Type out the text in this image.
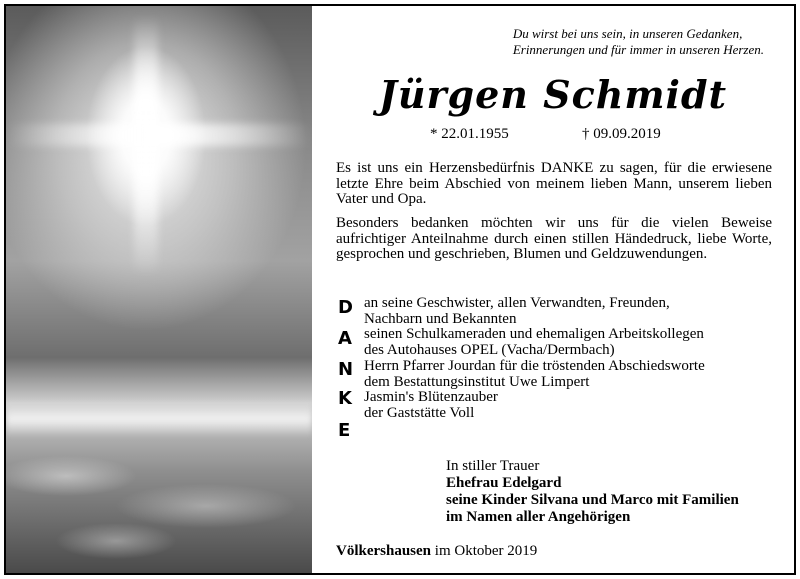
Du wirst bei uns sein, in unseren Gedanken,
Erinnerungen und für immer in unseren Herzen.
Jürgen Schmidt
* 22.01.1955	† 09.09.2019
Es ist uns ein Herzensbedürfnis DANKE zu sagen, für die erwiesene letzte Ehre beim Abschied von meinem lieben Mann, unserem lieben Vater und Opa.
Besonders bedanken möchten wir uns für die vielen Beweise aufrichtiger Anteilnahme durch einen stillen Händedruck, liebe Worte, gesprochen und geschrieben, Blumen und Geldzuwendungen.
D
A
N
K
E
an seine Geschwister, allen Verwandten, Freunden,
Nachbarn und Bekannten
seinen Schulkameraden und ehemaligen Arbeitskollegen
des Autohauses OPEL (Vacha/Dermbach)
Herrn Pfarrer Jourdan für die tröstenden Abschiedsworte
dem Bestattungsinstitut Uwe Limpert
Jasmin's Blütenzauber
der Gaststätte Voll
In stiller Trauer
Ehefrau Edelgard
seine Kinder Silvana und Marco mit Familien
im Namen aller Angehörigen
Völkershausen im Oktober 2019
